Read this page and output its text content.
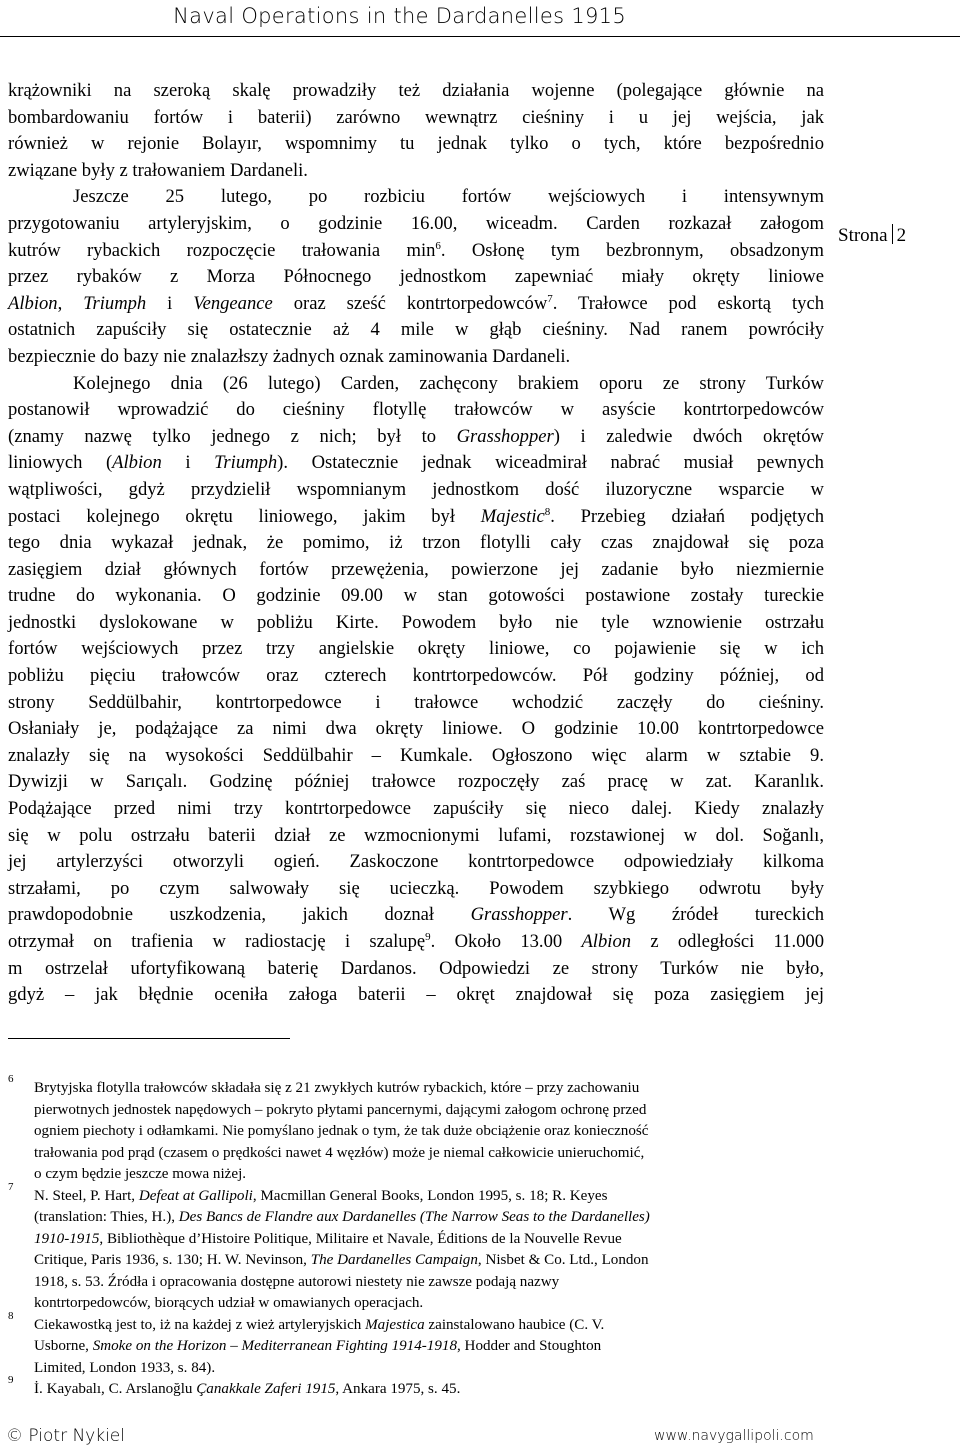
Naval Operations in the Dardanelles 1915
krążowniki na szeroką skalę prowadziły też działania wojenne (polegające głównie na
bombardowaniu fortów i baterii) zarówno wewnątrz cieśniny i u jej wejścia, jak
również w rejonie Bolayır, wspomnimy tu jednak tylko o tych, które bezpośrednio
związane były z trałowaniem Dardaneli.
Jeszcze 25 lutego, po rozbiciu fortów wejściowych i intensywnym
przygotowaniu artyleryjskim, o godzinie 16.00, wiceadm. Carden rozkazał załogom
kutrów rybackich rozpoczęcie trałowania $\min^6$. Osłonę tym bezbronnym, obsadzonym
przez rybaków z Morza Północnego jednostkom zapewniać miały okręty liniowe
Albion, Triumph i Vengeance oraz sześć kontrtorpedowców$^7$. Trałowce pod eskortą tych
ostatnich zapuściły się ostatecznie aż 4 mile w głąb cieśniny. Nad ranem powróciły
bezpiecznie do bazy nie znalazłszy żadnych oznak zaminowania Dardaneli.
Kolejnego dnia (26 lutego) Carden, zachęcony brakiem oporu ze strony Turków
postanowił wprowadzić do cieśniny flotyllę trałowców w asyście kontrtorpedowców
(znamy nazwę tylko jednego z nich; był to Grasshopper) i zaledwie dwóch okrętów
liniowych (Albion i Triumph). Ostatecznie jednak wiceadmirał nabrać musiał pewnych
wątpliwości, gdyż przydzielił wspomnianym jednostkom dość iluzoryczne wsparcie w
postaci kolejnego okrętu liniowego, jakim był Majestic$^8$. Przebieg działań podjętych
tego dnia wykazał jednak, że pomimo, iż trzon flotylli cały czas znajdował się poza
zasięgiem dział głównych fortów przewężenia, powierzone jej zadanie było niezmiernie
trudne do wykonania. O godzinie 09.00 w stan gotowości postawione zostały tureckie
jednostki dyslokowane w pobliżu Kirte. Powodem było nie tyle wznowienie ostrzału
fortów wejściowych przez trzy angielskie okręty liniowe, co pojawienie się w ich
pobliżu pięciu trałowców oraz czterech kontrtorpedowców. Pół godziny później, od
strony Seddülbahir, kontrtorpedowce i trałowce wchodzić zaczęły do cieśniny.
Osłaniały je, podążające za nimi dwa okręty liniowe. O godzinie 10.00 kontrtorpedowce
znalazły się na wysokości Seddülbahir – Kumkale. Ogłoszono więc alarm w sztabie 9.
Dywizji w Sarıçalı. Godzinę później trałowce rozpoczęły zaś pracę w zat. Karanlık.
Podążające przed nimi trzy kontrtorpedowce zapuściły się nieco dalej. Kiedy znalazły
się w polu ostrzału baterii dział ze wzmocnionymi lufami, rozstawionej w dol. Soğanlı,
jej artylerzyści otworzyli ogień. Zaskoczone kontrtorpedowce odpowiedziały kilkoma
strzałami, po czym salwowały się ucieczką. Powodem szybkiego odwrotu były
prawdopodobnie uszkodzenia, jakich doznał Grasshopper. Wg źródeł tureckich
otrzymał on trafienia w radiostację i szalupę$^9$. Około 13.00 Albion z odległości 11.000
m ostrzelał ufortyfikowaną baterię Dardanos. Odpowiedzi ze strony Turków nie było,
gdyż – jak błędnie oceniła załoga baterii – okręt znajdował się poza zasięgiem jej
Strona 2
6
Brytyjska flotylla trałowców składała się z 21 zwykłych kutrów rybackich, które – przy zachowaniu
pierwotnych jednostek napędowych – pokryto płytami pancernymi, dającymi załogom ochronę przed
ogniem piechoty i odłamkami. Nie pomyślano jednak o tym, że tak duże obciążenie oraz konieczność
trałowania pod prąd (czasem o prędkości nawet 4 węzłów) może je niemal całkowicie unieruchomić,
o czym będzie jeszcze mowa niżej.
7
N. Steel, P. Hart, Defeat at Gallipoli, Macmillan General Books, London 1995, s. 18; R. Keyes
(translation: Thies, H.), Des Bancs de Flandre aux Dardanelles (The Narrow Seas to the Dardanelles)
1910-1915, Bibliothèque d’Histoire Politique, Militaire et Navale, Éditions de la Nouvelle Revue
Critique, Paris 1936, s. 130; H. W. Nevinson, The Dardanelles Campaign, Nisbet & Co. Ltd., London
1918, s. 53. Źródła i opracowania dostępne autorowi niestety nie zawsze podają nazwy
kontrtorpedowców, biorących udział w omawianych operacjach.
8
Ciekawostką jest to, iż na każdej z wież artyleryjskich Majestica zainstalowano haubice (C. V.
Usborne, Smoke on the Horizon – Mediterranean Fighting 1914-1918, Hodder and Stoughton
Limited, London 1933, s. 84).
9
İ. Kayabalı, C. Arslanoğlu Çanakkale Zaferi 1915, Ankara 1975, s. 45.
© Piotr Nykiel	www.navygallipoli.com
